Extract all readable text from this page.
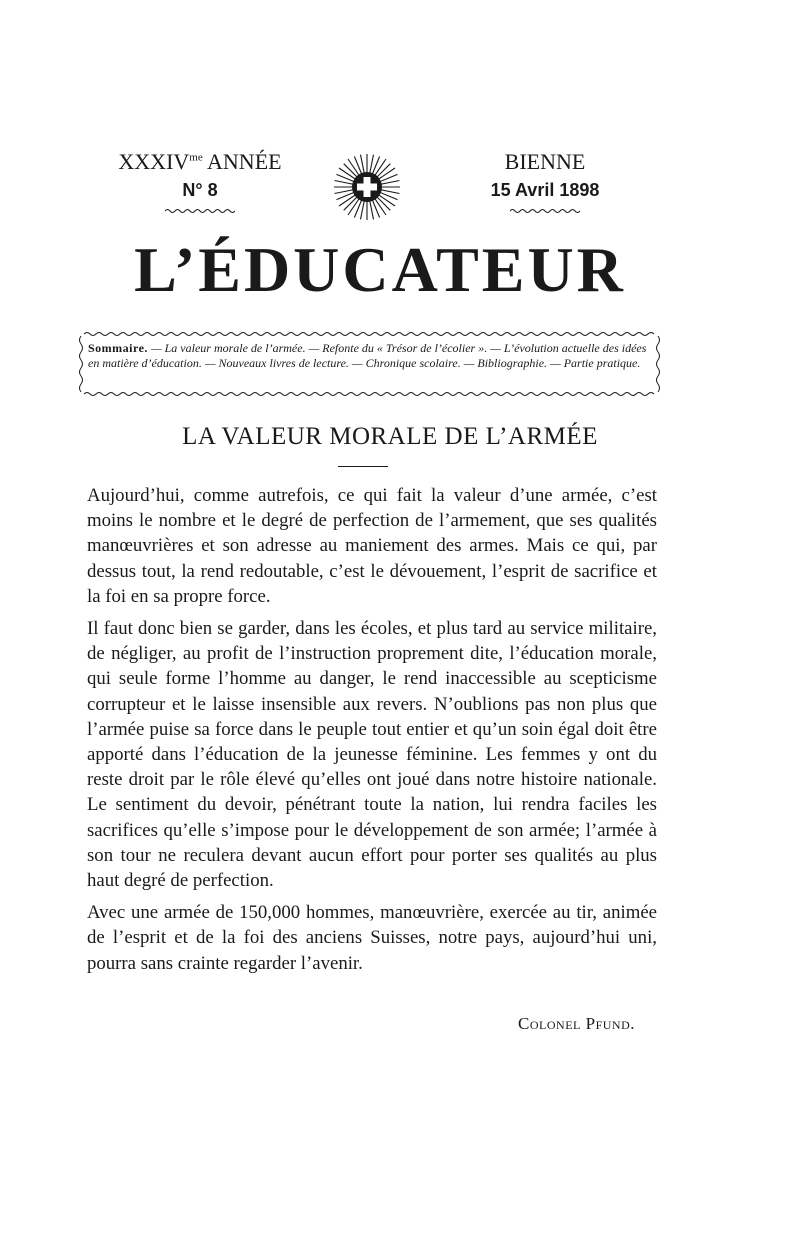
$XXXIV^{me}$ ANNÉE
N° 8
BIENNE
15 Avril 1898
L’ÉDUCATEUR
Sommaire. — La valeur morale de l’armée. — Refonte du « Trésor de l’écolier ». — L’évolution actuelle des idées en matière d’éducation. — Nouveaux livres de lecture. — Chronique scolaire. — Bibliographie. — Partie pratique.
LA VALEUR MORALE DE L’ARMÉE

Aujourd’hui, comme autrefois, ce qui fait la valeur d’une armée, c’est moins le nombre et le degré de perfection de l’armement, que ses qualités manœuvrières et son adresse au maniement des armes. Mais ce qui, par dessus tout, la rend redoutable, c’est le dévouement, l’esprit de sacrifice et la foi en sa propre force.

Il faut donc bien se garder, dans les écoles, et plus tard au service militaire, de négliger, au profit de l’instruction proprement dite, l’éducation morale, qui seule forme l’homme au danger, le rend inaccessible au scepticisme corrupteur et le laisse insensible aux revers. N’oublions pas non plus que l’armée puise sa force dans le peuple tout entier et qu’un soin égal doit être apporté dans l’éducation de la jeunesse féminine. Les femmes y ont du reste droit par le rôle élevé qu’elles ont joué dans notre histoire nationale. Le sentiment du devoir, pénétrant toute la nation, lui rendra faciles les sacrifices qu’elle s’impose pour le développement de son armée; l’armée à son tour ne reculera devant aucun effort pour porter ses qualités au plus haut degré de perfection.

Avec une armée de 150,000 hommes, manœuvrière, exercée au tir, animée de l’esprit et de la foi des anciens Suisses, notre pays, aujourd’hui uni, pourra sans crainte regarder l’avenir.

Colonel Pfund.
